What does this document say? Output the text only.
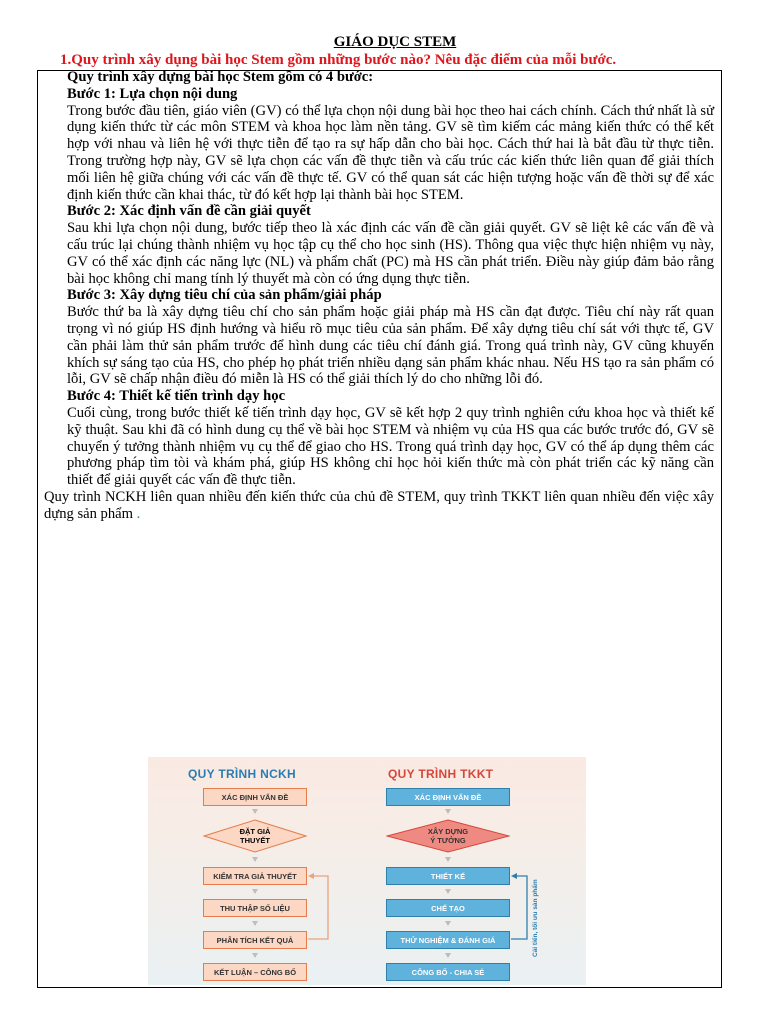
GIÁO DỤC STEM
1.Quy trình xây dụng bài học Stem gồm những bước nào? Nêu đặc điểm của mỗi bước.

Quy trình xây dựng bài học Stem gồm có 4 bước:

Bước 1: Lựa chọn nội dung

Trong bước đầu tiên, giáo viên (GV) có thể lựa chọn nội dung bài học theo hai cách chính. Cách thứ nhất là sử dụng kiến thức từ các môn STEM và khoa học làm nền tảng. GV sẽ tìm kiếm các mảng kiến thức có thể kết hợp với nhau và liên hệ với thực tiễn để tạo ra sự hấp dẫn cho bài học. Cách thứ hai là bắt đầu từ thực tiễn. Trong trường hợp này, GV sẽ lựa chọn các vấn đề thực tiễn và cấu trúc các kiến thức liên quan để giải thích mối liên hệ giữa chúng với các vấn đề thực tế. GV có thể quan sát các hiện tượng hoặc vấn đề thời sự để xác định kiến thức cần khai thác, từ đó kết hợp lại thành bài học STEM.

Bước 2: Xác định vấn đề cần giải quyết

Sau khi lựa chọn nội dung, bước tiếp theo là xác định các vấn đề cần giải quyết. GV sẽ liệt kê các vấn đề và cấu trúc lại chúng thành nhiệm vụ học tập cụ thể cho học sinh (HS). Thông qua việc thực hiện nhiệm vụ này, GV có thể xác định các năng lực (NL) và phẩm chất (PC) mà HS cần phát triển. Điều này giúp đảm bảo rằng bài học không chỉ mang tính lý thuyết mà còn có ứng dụng thực tiễn.

Bước 3: Xây dựng tiêu chí của sản phẩm/giải pháp

Bước thứ ba là xây dựng tiêu chí cho sản phẩm hoặc giải pháp mà HS cần đạt được. Tiêu chí này rất quan trọng vì nó giúp HS định hướng và hiểu rõ mục tiêu của sản phẩm. Để xây dựng tiêu chí sát với thực tế, GV cần phải làm thử sản phẩm trước để hình dung các tiêu chí đánh giá. Trong quá trình này, GV cũng khuyến khích sự sáng tạo của HS, cho phép họ phát triển nhiều dạng sản phẩm khác nhau. Nếu HS tạo ra sản phẩm có lỗi, GV sẽ chấp nhận điều đó miễn là HS có thể giải thích lý do cho những lỗi đó.

Bước 4: Thiết kế tiến trình dạy học

Cuối cùng, trong bước thiết kế tiến trình dạy học, GV sẽ kết hợp 2 quy trình nghiên cứu khoa học và thiết kế kỹ thuật. Sau khi đã có hình dung cụ thể về bài học STEM và nhiệm vụ của HS qua các bước trước đó, GV sẽ chuyển ý tưởng thành nhiệm vụ cụ thể để giao cho HS. Trong quá trình dạy học, GV có thể áp dụng thêm các phương pháp tìm tòi và khám phá, giúp HS không chỉ học hỏi kiến thức mà còn phát triển các kỹ năng cần thiết để giải quyết các vấn đề thực tiễn.

Quy trình NCKH liên quan nhiều đến kiến thức của chủ đề STEM, quy trình TKKT liên quan nhiều đến việc xây dựng sản phẩm .
QUY TRÌNH NCKH	QUY TRÌNH TKKT
XÁC ĐỊNH VẤN ĐỀ
ĐẶT GIẢ THUYẾT
KIỂM TRA GIẢ THUYẾT
THU THẬP SỐ LIỆU
PHÂN TÍCH KẾT QUẢ
KẾT LUẬN – CÔNG BỐ
XÁC ĐỊNH VẤN ĐỀ
XÂY DỰNG Ý TƯỞNG
THIẾT KẾ
CHẾ TẠO
THỬ NGHIỆM & ĐÁNH GIÁ
CÔNG BỐ - CHIA SẺ
Cải tiến, tối ưu sản phẩm
